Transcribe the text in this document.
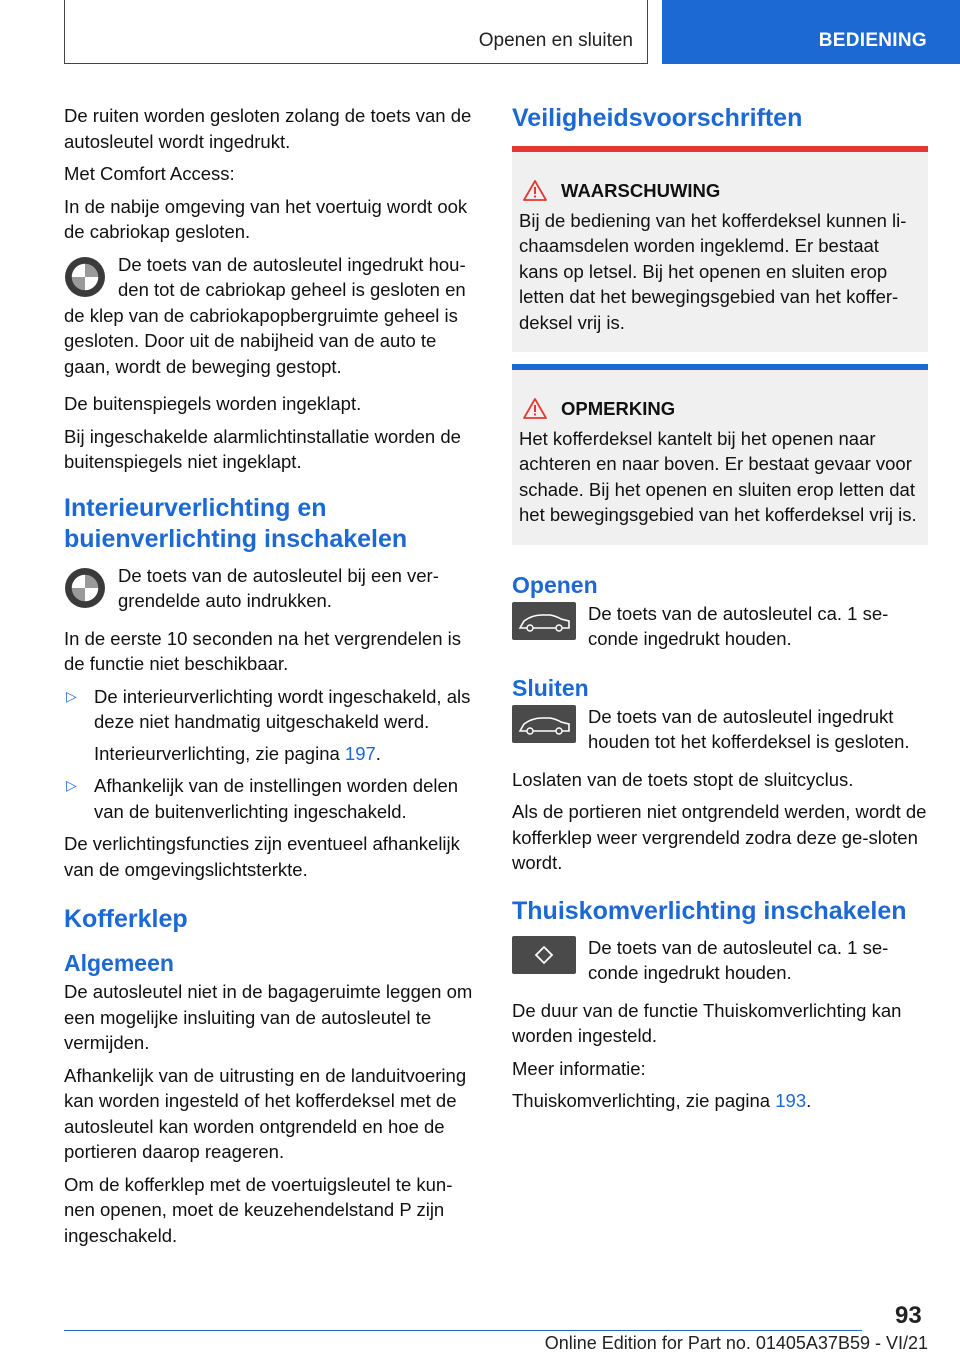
Openen en sluiten	BEDIENING

De ruiten worden gesloten zolang de toets van de autosleutel wordt ingedrukt.

Met Comfort Access:

In de nabije omgeving van het voertuig wordt ook de cabriokap gesloten.

De toets van de autosleutel ingedrukt hou-den tot de cabriokap geheel is gesloten en de klep van de cabriokapopbergruimte geheel is gesloten. Door uit de nabijheid van de auto te gaan, wordt de beweging gestopt.

De buitenspiegels worden ingeklapt.

Bij ingeschakelde alarmlichtinstallatie worden de buitenspiegels niet ingeklapt.

Interieurverlichting en buienverlichting inschakelen

De toets van de autosleutel bij een ver-grendelde auto indrukken.

In de eerste 10 seconden na het vergrendelen is de functie niet beschikbaar.

▷ De interieurverlichting wordt ingeschakeld, als deze niet handmatig uitgeschakeld werd.

Interieurverlichting, zie pagina 197.

▷ Afhankelijk van de instellingen worden delen van de buitenverlichting ingeschakeld.

De verlichtingsfuncties zijn eventueel afhankelijk van de omgevingslichtsterkte.

Kofferklep
Algemeen

De autosleutel niet in de bagageruimte leggen om een mogelijke insluiting van de autosleutel te vermijden.

Afhankelijk van de uitrusting en de landuitvoering kan worden ingesteld of het kofferdeksel met de autosleutel kan worden ontgrendeld en hoe de portieren daarop reageren.

Om de kofferklep met de voertuigsleutel te kun-nen openen, moet de keuzehendelstand P zijn ingeschakeld.

Veiligheidsvoorschriften
WAARSCHUWING

Bij de bediening van het kofferdeksel kunnen li-chaamsdelen worden ingeklemd. Er bestaat kans op letsel. Bij het openen en sluiten erop letten dat het bewegingsgebied van het koffer-deksel vrij is.

OPMERKING

Het kofferdeksel kantelt bij het openen naar achteren en naar boven. Er bestaat gevaar voor schade. Bij het openen en sluiten erop letten dat het bewegingsgebied van het kofferdeksel vrij is.

Openen

De toets van de autosleutel ca. 1 se-conde ingedrukt houden.

Sluiten

De toets van de autosleutel ingedrukt houden tot het kofferdeksel is gesloten.

Loslaten van de toets stopt de sluitcyclus.

Als de portieren niet ontgrendeld werden, wordt de kofferklep weer vergrendeld zodra deze ge-sloten wordt.

Thuiskomverlichting inschakelen

De toets van de autosleutel ca. 1 se-conde ingedrukt houden.

De duur van de functie Thuiskomverlichting kan worden ingesteld.

Meer informatie:

Thuiskomverlichting, zie pagina 193.

93
Online Edition for Part no. 01405A37B59 - VI/21
